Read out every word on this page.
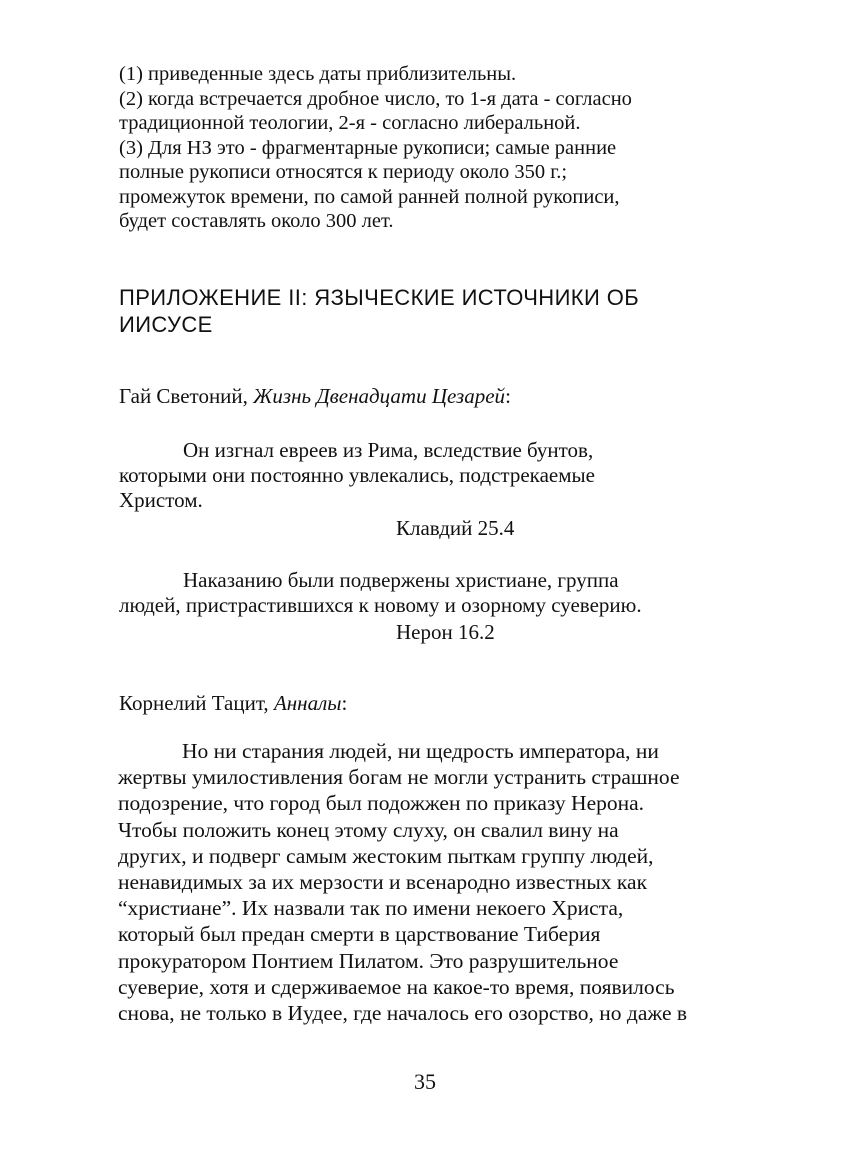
(1) приведенные здесь даты приблизительны.

(2) когда встречается дробное число, то 1-я дата - согласно

традиционной теологии, 2-я - согласно либеральной.

(3) Для НЗ это - фрагментарные рукописи; самые ранние

полные рукописи относятся к периоду около 350 г.;

промежуток времени, по самой ранней полной рукописи,

будет составлять около 300 лет.

ПРИЛОЖЕНИЕ II: ЯЗЫЧЕСКИЕ ИСТОЧНИКИ ОБ
ИИСУСЕ

Гай Светоний, Жизнь Двенадцати Цезарей:

Он изгнал евреев из Рима, вследствие бунтов,
которыми они постоянно увлекались, подстрекаемые
Христом.

Клавдий 25.4

Наказанию были подвержены христиане, группа
людей, пристрастившихся к новому и озорному суеверию.

Нерон 16.2

Корнелий Тацит, Анналы:

Но ни старания людей, ни щедрость императора, ни
жертвы умилостивления богам не могли устранить страшное
подозрение, что город был подожжен по приказу Нерона.
Чтобы положить конец этому слуху, он свалил вину на
других, и подверг самым жестоким пыткам группу людей,
ненавидимых за их мерзости и всенародно известных как
“христиане”. Их назвали так по имени некоего Христа,
который был предан смерти в царствование Тиберия
прокуратором Понтием Пилатом. Это разрушительное
суеверие, хотя и сдерживаемое на какое-то время, появилось
снова, не только в Иудее, где началось его озорство, но даже в
35
